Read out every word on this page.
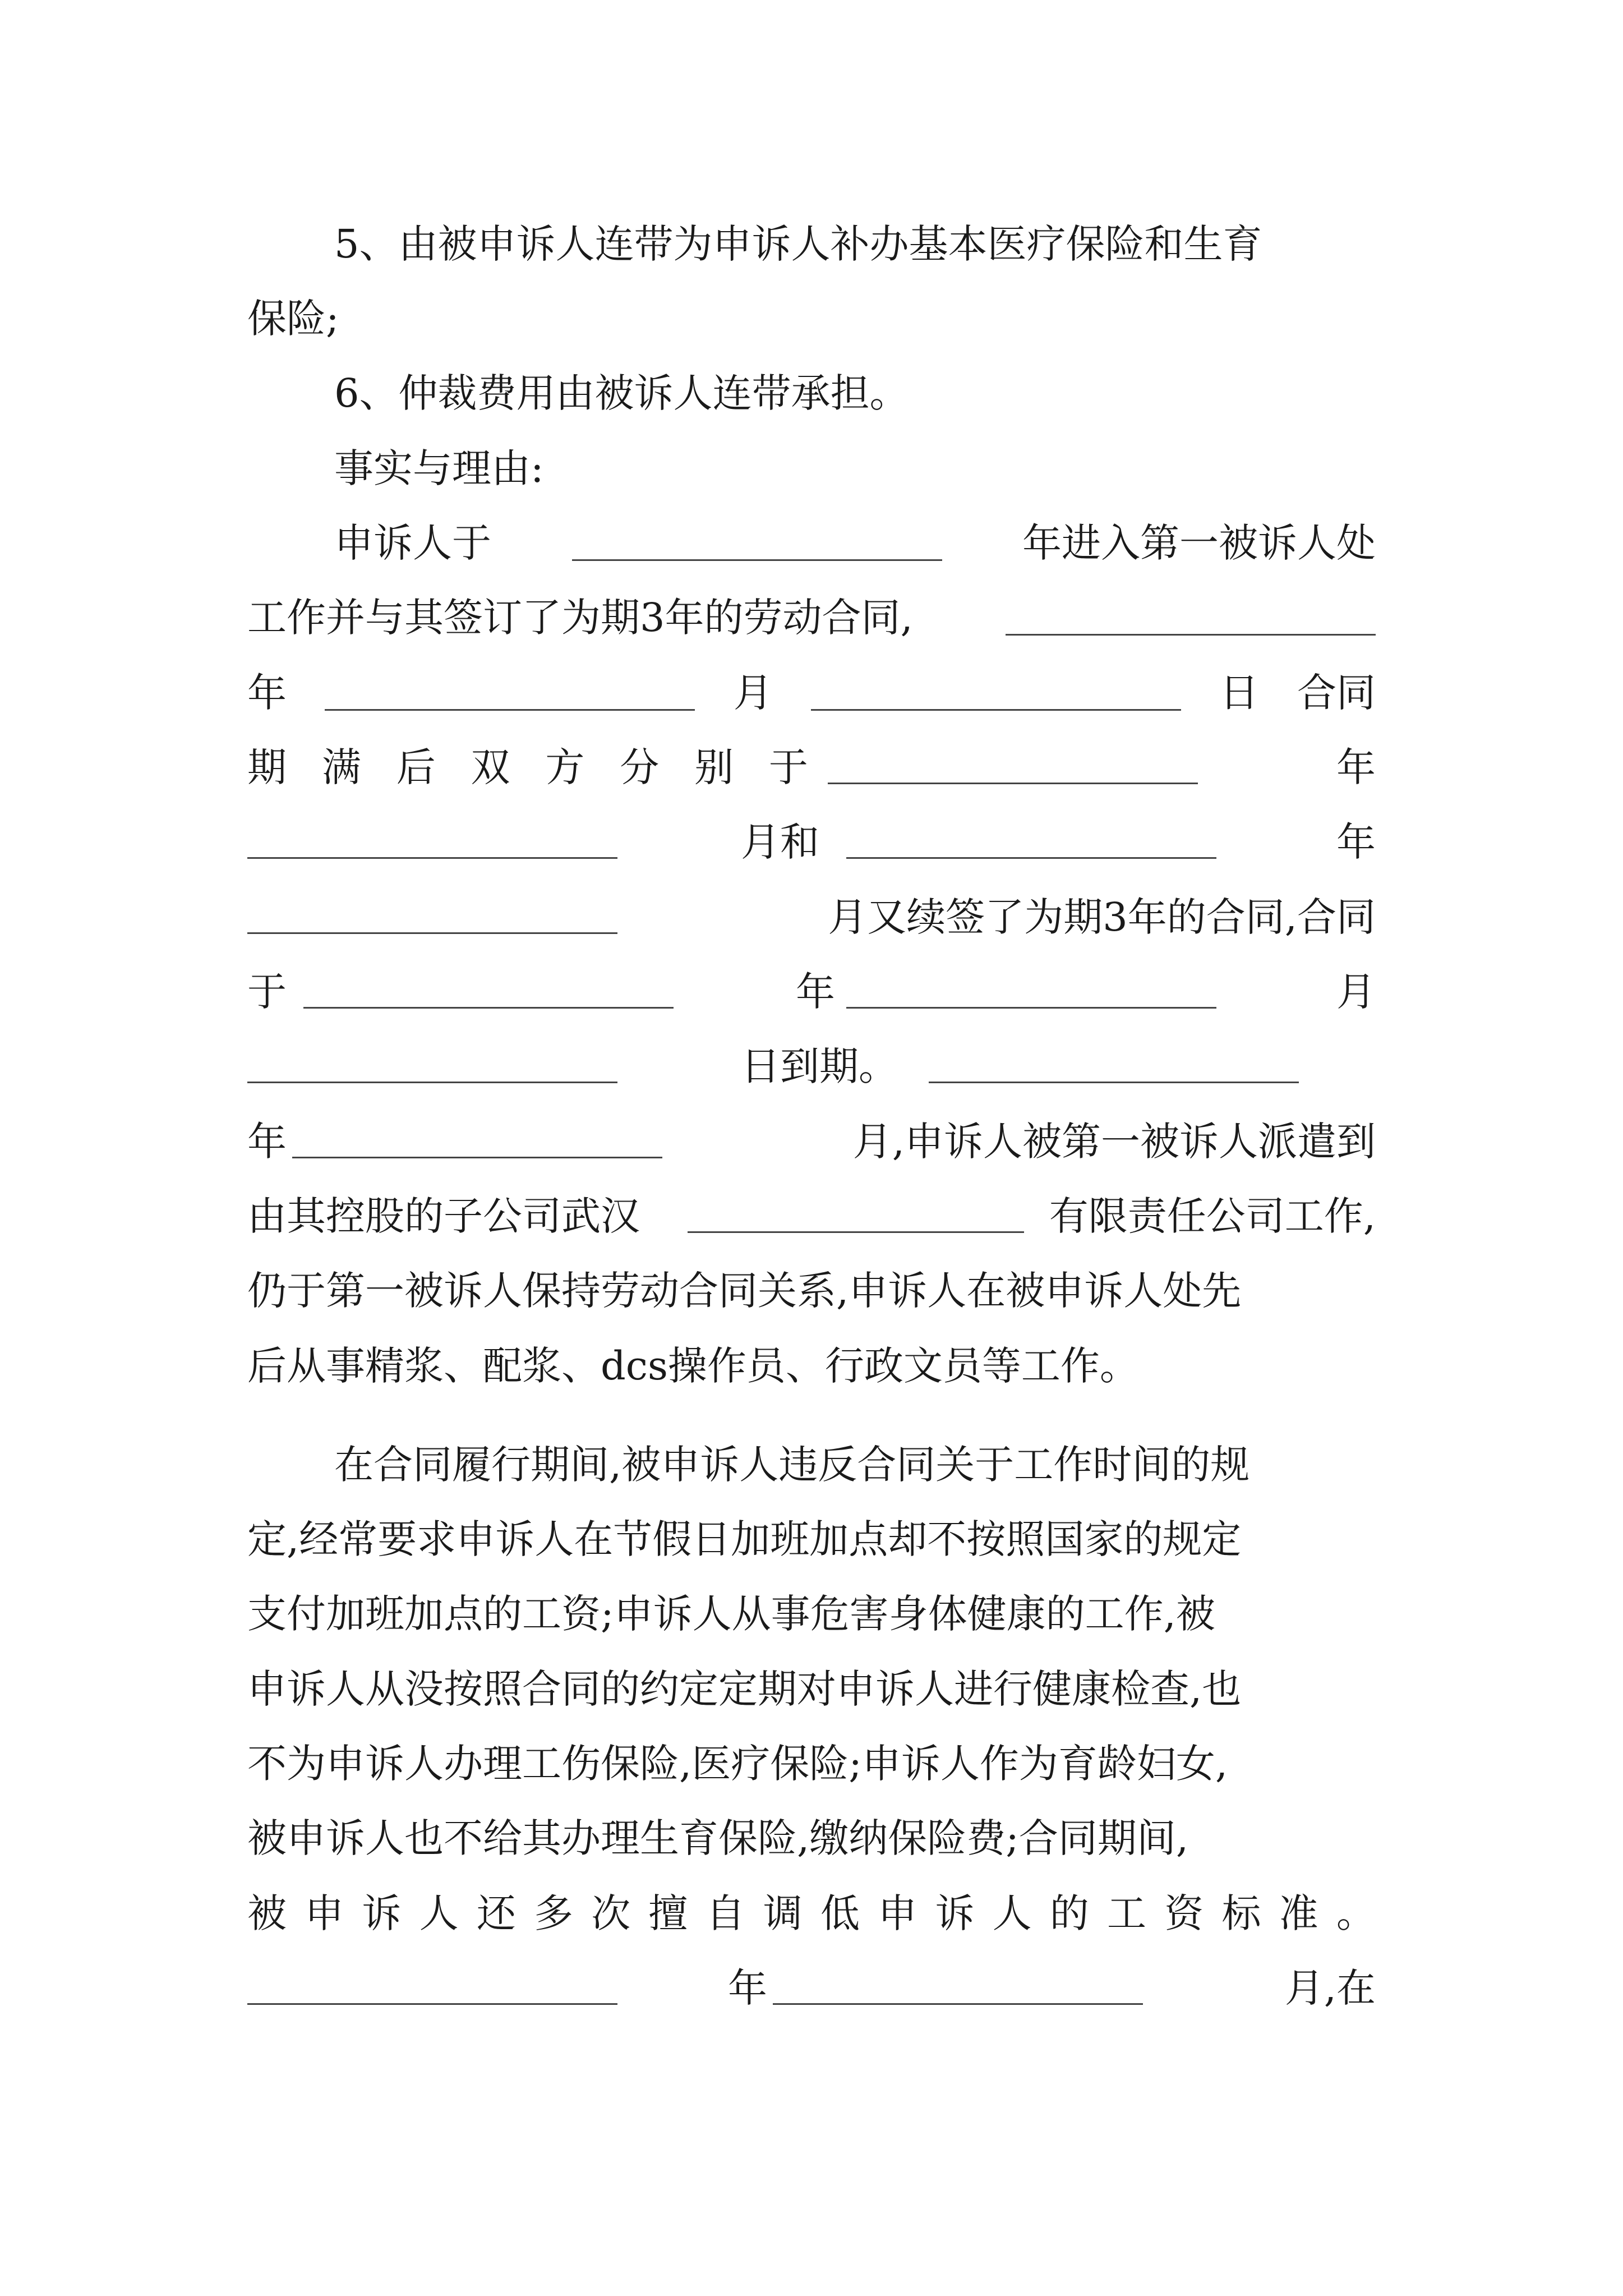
5、由被申诉人连带为申诉人补办基本医疗保险和生育
保险;
6、仲裁费用由被诉人连带承担。
事实与理由:
申诉人于	年进入第一被诉人处
工作并与其签订了为期3年的劳动合同,
年	月	日 合同
期 满 后 双 方 分 别 于	年
月和	年
月又续签了为期3年的合同,合同
于	年	月
日到期。
年	月,申诉人被第一被诉人派遣到
由其控股的子公司武汉	有限责任公司工作,
仍于第一被诉人保持劳动合同关系,申诉人在被申诉人处先
后从事精浆、配浆、dcs操作员、行政文员等工作。
在合同履行期间,被申诉人违反合同关于工作时间的规
定,经常要求申诉人在节假日加班加点却不按照国家的规定
支付加班加点的工资;申诉人从事危害身体健康的工作,被
申诉人从没按照合同的约定定期对申诉人进行健康检查,也
不为申诉人办理工伤保险,医疗保险;申诉人作为育龄妇女,
被申诉人也不给其办理生育保险,缴纳保险费;合同期间,
被 申 诉 人 还 多 次 擅 自 调 低 申 诉 人 的 工 资 标 准 。
年	月,在
